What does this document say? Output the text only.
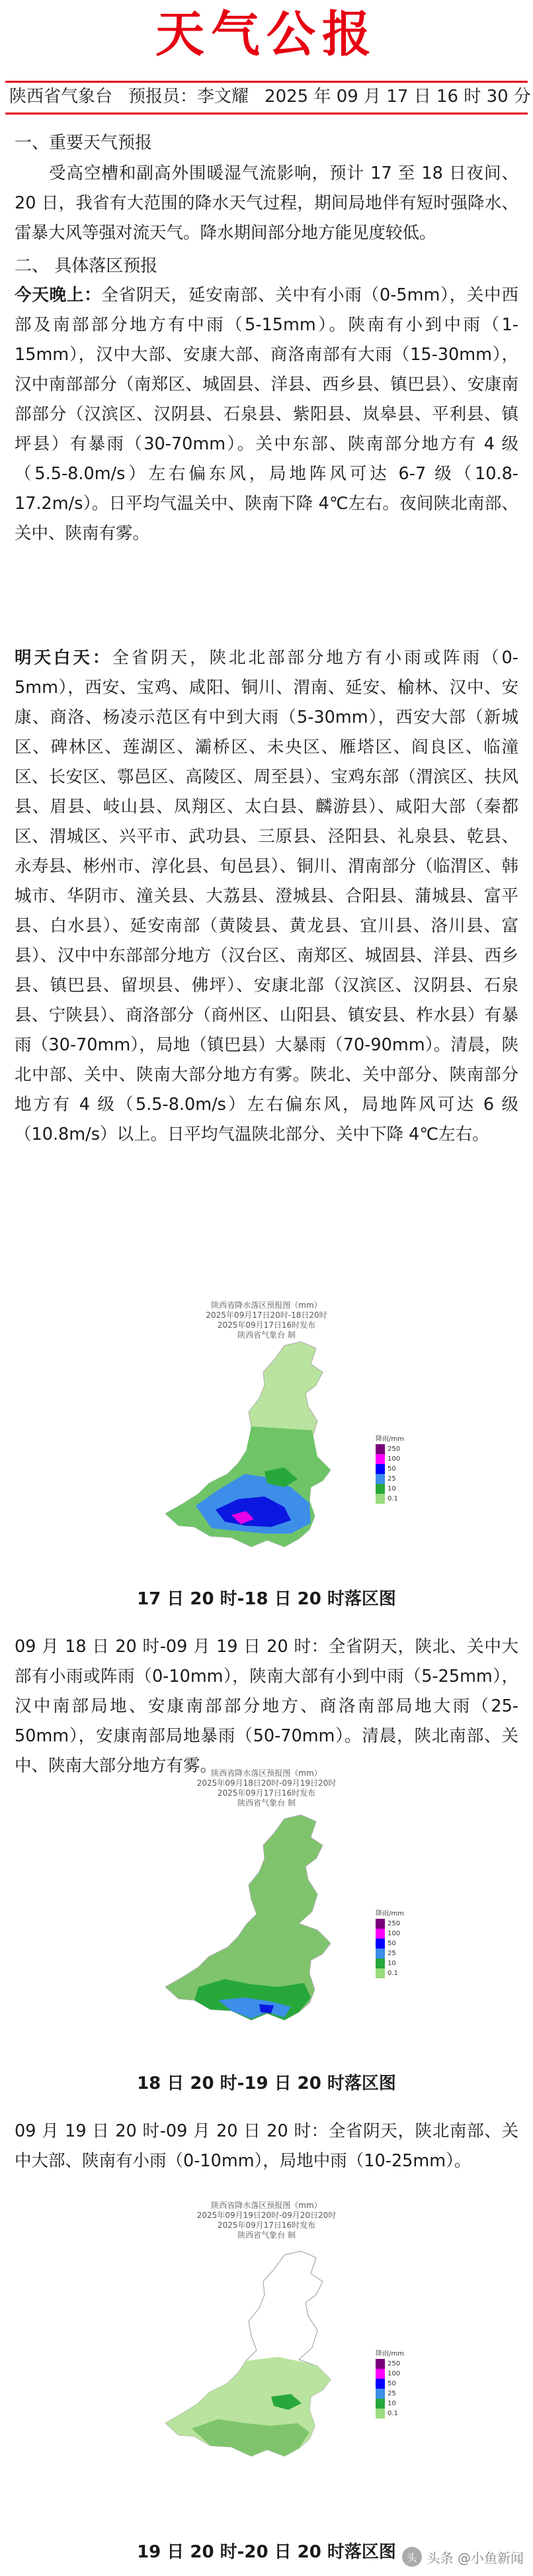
天气公报
陕西省气象台 预报员：李文耀 2025 年 09 月 17 日 16 时 30 分
一、重要天气预报

受高空槽和副高外围暖湿气流影响，预计 17 至 18 日夜间、20 日，我省有大范围的降水天气过程，期间局地伴有短时强降水、雷暴大风等强对流天气。降水期间部分地方能见度较低。

二、 具体落区预报

今天晚上：全省阴天，延安南部、关中有小雨（0-5mm），关中西部及南部部分地方有中雨（5-15mm）。陕南有小到中雨（1-15mm），汉中大部、安康大部、商洛南部有大雨（15-30mm），汉中南部部分（南郑区、城固县、洋县、西乡县、镇巴县）、安康南部部分（汉滨区、汉阴县、石泉县、紫阳县、岚皋县、平利县、镇坪县）有暴雨（30-70mm）。关中东部、陕南部分地方有 4 级（5.5-8.0m/s）左右偏东风，局地阵风可达 6-7 级（10.8-17.2m/s）。日平均气温关中、陕南下降 4℃左右。夜间陕北南部、关中、陕南有雾。

明天白天：全省阴天，陕北北部部分地方有小雨或阵雨（0-5mm），西安、宝鸡、咸阳、铜川、渭南、延安、榆林、汉中、安康、商洛、杨凌示范区有中到大雨（5-30mm），西安大部（新城区、碑林区、莲湖区、灞桥区、未央区、雁塔区、阎良区、临潼区、长安区、鄠邑区、高陵区、周至县）、宝鸡东部（渭滨区、扶风县、眉县、岐山县、凤翔区、太白县、麟游县）、咸阳大部（秦都区、渭城区、兴平市、武功县、三原县、泾阳县、礼泉县、乾县、永寿县、彬州市、淳化县、旬邑县）、铜川、渭南部分（临渭区、韩城市、华阴市、潼关县、大荔县、澄城县、合阳县、蒲城县、富平县、白水县）、延安南部（黄陵县、黄龙县、宜川县、洛川县、富县）、汉中中东部部分地方（汉台区、南郑区、城固县、洋县、西乡县、镇巴县、留坝县、佛坪）、安康北部（汉滨区、汉阴县、石泉县、宁陕县）、商洛部分（商州区、山阳县、镇安县、柞水县）有暴雨（30-70mm），局地（镇巴县）大暴雨（70-90mm）。清晨，陕北中部、关中、陕南大部分地方有雾。陕北、关中部分、陕南部分地方有 4 级（5.5-8.0m/s）左右偏东风，局地阵风可达 6 级（10.8m/s）以上。日平均气温陕北部分、关中下降 4℃左右。

陕西省降水落区预报图（mm）
2025年09月17日20时-18日20时
2025年09月17日16时发布
陕西省气象台 制
降雨/mm
250
100
50
25
10
0.1
17 日 20 时-18 日 20 时落区图

09 月 18 日 20 时-09 月 19 日 20 时：全省阴天，陕北、关中大部有小雨或阵雨（0-10mm），陕南大部有小到中雨（5-25mm），汉中南部局地、安康南部部分地方、商洛南部局地大雨（25-50mm），安康南部局地暴雨（50-70mm）。清晨，陕北南部、关中、陕南大部分地方有雾。

陕西省降水落区预报图（mm）
2025年09月18日20时-09月19日20时
2025年09月17日16时发布
陕西省气象台 制
降雨/mm
250
100
50
25
10
0.1
18 日 20 时-19 日 20 时落区图

09 月 19 日 20 时-09 月 20 日 20 时：全省阴天，陕北南部、关中大部、陕南有小雨（0-10mm），局地中雨（10-25mm）。

陕西省降水落区预报图（mm）
2025年09月19日20时-09月20日20时
2025年09月17日16时发布
陕西省气象台 制
降雨/mm
250
100
50
25
10
0.1
19 日 20 时-20 日 20 时落区图 头 头条 @小鱼新闻
